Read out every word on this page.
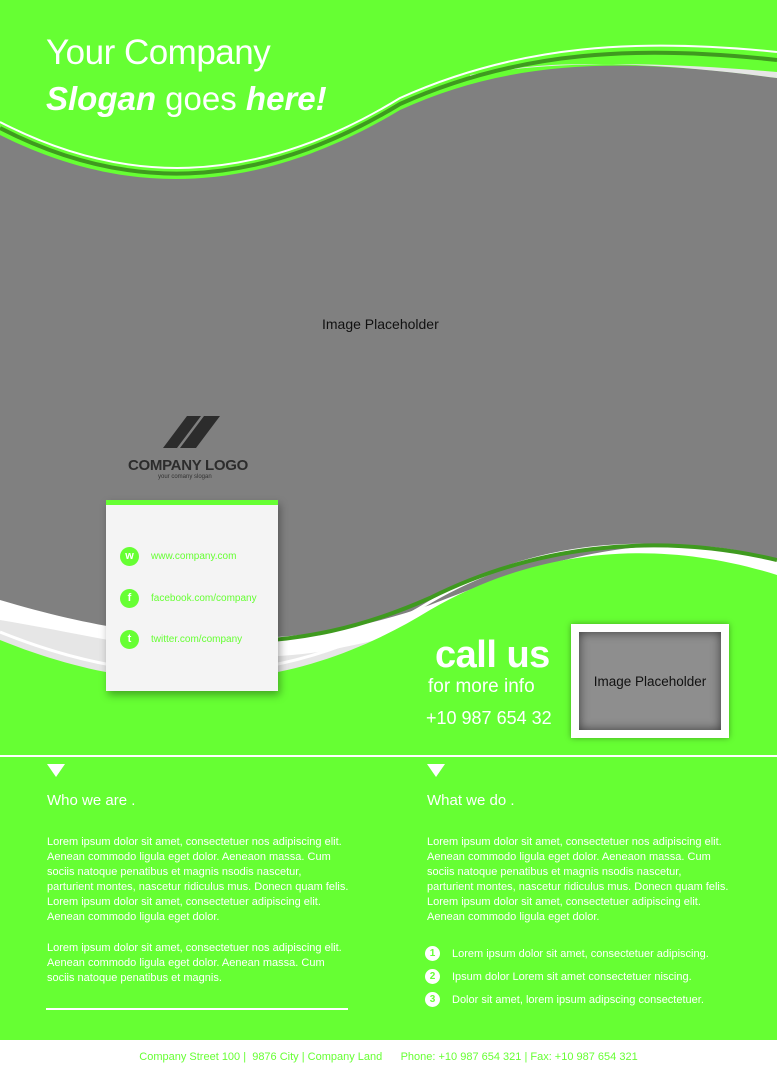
Your Company
Slogan goes here!
Image Placeholder
COMPANY LOGO
your comany slogan
w	www.company.com
f	facebook.com/company
t	twitter.com/company	call us
for more info
+10 987 654 32
Image Placeholder
Who we are .
Lorem ipsum dolor sit amet, consectetuer nos adipiscing elit. Aenean commodo ligula eget dolor. Aeneaon massa. Cum sociis natoque penatibus et magnis nsodis nascetur, parturient montes, nascetur ridiculus mus. Donecn quam felis. Lorem ipsum dolor sit amet, consectetuer adipiscing elit. Aenean commodo ligula eget dolor.
Lorem ipsum dolor sit amet, consectetuer nos adipiscing elit. Aenean commodo ligula eget dolor. Aenean massa. Cum sociis natoque penatibus et magnis.
What we do .
Lorem ipsum dolor sit amet, consectetuer nos adipiscing elit. Aenean commodo ligula eget dolor. Aeneaon massa. Cum sociis natoque penatibus et magnis nsodis nascetur, parturient montes, nascetur ridiculus mus. Donecn quam felis. Lorem ipsum dolor sit amet, consectetuer adipiscing elit. Aenean commodo ligula eget dolor.
1	Lorem ipsum dolor sit amet, consectetuer adipiscing.
2	Ipsum dolor Lorem sit amet consectetuer niscing.
3	Dolor sit amet, lorem ipsum adipscing consectetuer.
Company Street 100 |  9876 City | Company Land      Phone: +10 987 654 321 | Fax: +10 987 654 321
